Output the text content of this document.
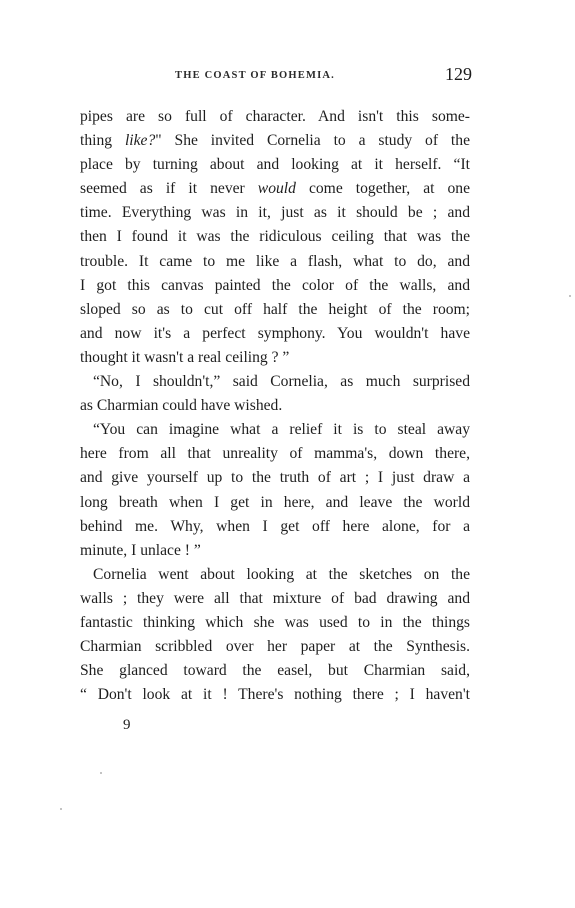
THE COAST OF BOHEMIA.	129
pipes are so full of character. And isn't this some-
thing like?" She invited Cornelia to a study of the
place by turning about and looking at it herself. “It
seemed as if it never would come together, at one
time. Everything was in it, just as it should be ; and
then I found it was the ridiculous ceiling that was the
trouble. It came to me like a flash, what to do, and
I got this canvas painted the color of the walls, and
sloped so as to cut off half the height of the room;
and now it's a perfect symphony. You wouldn't have
thought it wasn't a real ceiling ? ”
“No, I shouldn't,” said Cornelia, as much surprised
as Charmian could have wished.
“You can imagine what a relief it is to steal away
here from all that unreality of mamma's, down there,
and give yourself up to the truth of art ; I just draw a
long breath when I get in here, and leave the world
behind me. Why, when I get off here alone, for a
minute, I unlace ! ”
Cornelia went about looking at the sketches on the
walls ; they were all that mixture of bad drawing and
fantastic thinking which she was used to in the things
Charmian scribbled over her paper at the Synthesis.
She glanced toward the easel, but Charmian said,
“ Don't look at it ! There's nothing there ; I haven't
9
